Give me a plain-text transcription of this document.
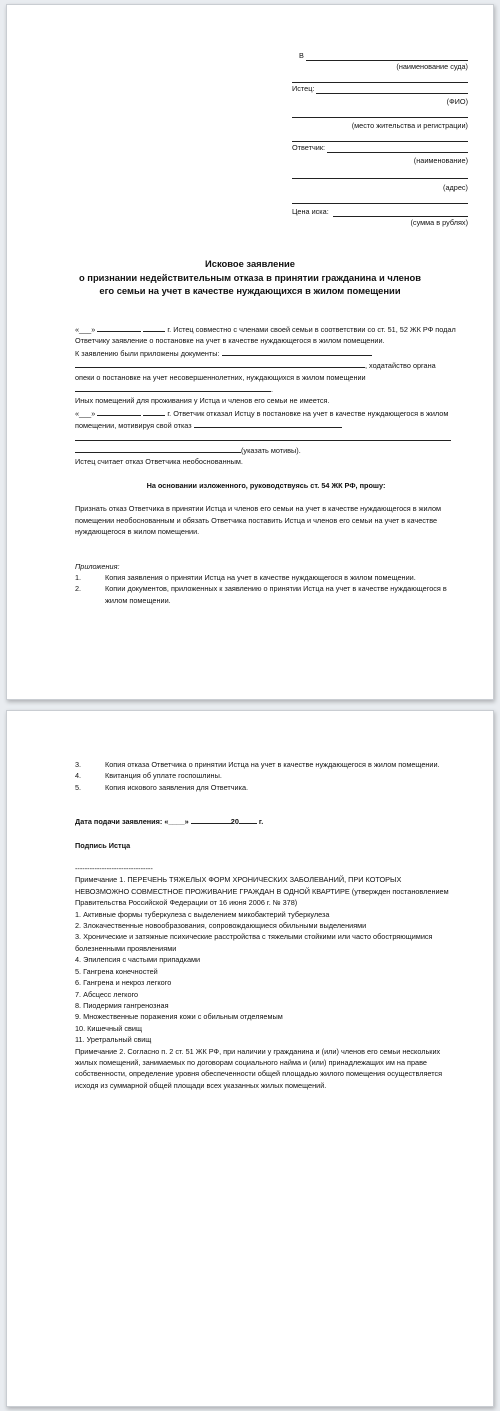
В
(наименование суда)
Истец:
(ФИО)
(место жительства и регистрации)
Ответчик:
(наименование)
(адрес)
Цена иска:
(сумма в рублях)
Исковое заявление
о признании недействительным отказа в принятии гражданина и членов
его семьи на учет в качестве нуждающихся в жилом помещении

«___»	г. Истец совместно с членами своей семьи в соответствии со ст. 51, 52 ЖК РФ подал Ответчику заявление о постановке на учет в качестве нуждающегося в жилом помещении.

К заявлению были приложены документы:  , ходатайство органа опеки о постановке на учет несовершеннолетних, нуждающихся в жилом помещении .

Иных помещений для проживания у Истца и членов его семьи не имеется.

«___»	г. Ответчик отказал Истцу в постановке на учет в качестве нуждающегося в жилом помещении, мотивируя свой отказ   (указать мотивы).

Истец считает отказ Ответчика необоснованным.

На основании изложенного, руководствуясь ст. 54 ЖК РФ, прошу:

Признать отказ Ответчика в принятии Истца и членов его семьи на учет в качестве нуждающегося в жилом помещении необоснованным и обязать Ответчика поставить Истца и членов его семьи на учет в качестве нуждающегося в жилом помещении.

Приложения:

1.	Копия заявления о принятии Истца на учет в качестве нуждающегося в жилом помещении.
2.	Копии документов, приложенных к заявлению о принятии Истца на учет в качестве нуждающегося в жилом помещении.
3.	Копия отказа Ответчика о принятии Истца на учет в качестве нуждающегося в жилом помещении.
4.	Квитанция об уплате госпошлины.
5.	Копия искового заявления для Ответчика.

Дата подачи заявления: «____»	20	г.

Подпись Истца

--------------------------------

Примечание 1. ПЕРЕЧЕНЬ ТЯЖЕЛЫХ ФОРМ ХРОНИЧЕСКИХ ЗАБОЛЕВАНИЙ, ПРИ КОТОРЫХ НЕВОЗМОЖНО СОВМЕСТНОЕ ПРОЖИВАНИЕ ГРАЖДАН В ОДНОЙ КВАРТИРЕ (утвержден постановлением Правительства Российской Федерации от 16 июня 2006 г. № 378)

1. Активные формы туберкулеза с выделением микобактерий туберкулеза

2. Злокачественные новообразования, сопровождающиеся обильными выделениями

3. Хронические и затяжные психические расстройства с тяжелыми стойкими или часто обостряющимися болезненными проявлениями

4. Эпилепсия с частыми припадками

5. Гангрена конечностей

6. Гангрена и некроз легкого

7. Абсцесс легкого

8. Пиодермия гангренозная

9. Множественные поражения кожи с обильным отделяемым

10. Кишечный свищ

11. Уретральный свищ

Примечание 2. Согласно п. 2 ст. 51 ЖК РФ, при наличии у гражданина и (или) членов его семьи нескольких жилых помещений, занимаемых по договорам социального найма и (или) принадлежащих им на праве собственности, определение уровня обеспеченности общей площадью жилого помещения осуществляется исходя из суммарной общей площади всех указанных жилых помещений.
